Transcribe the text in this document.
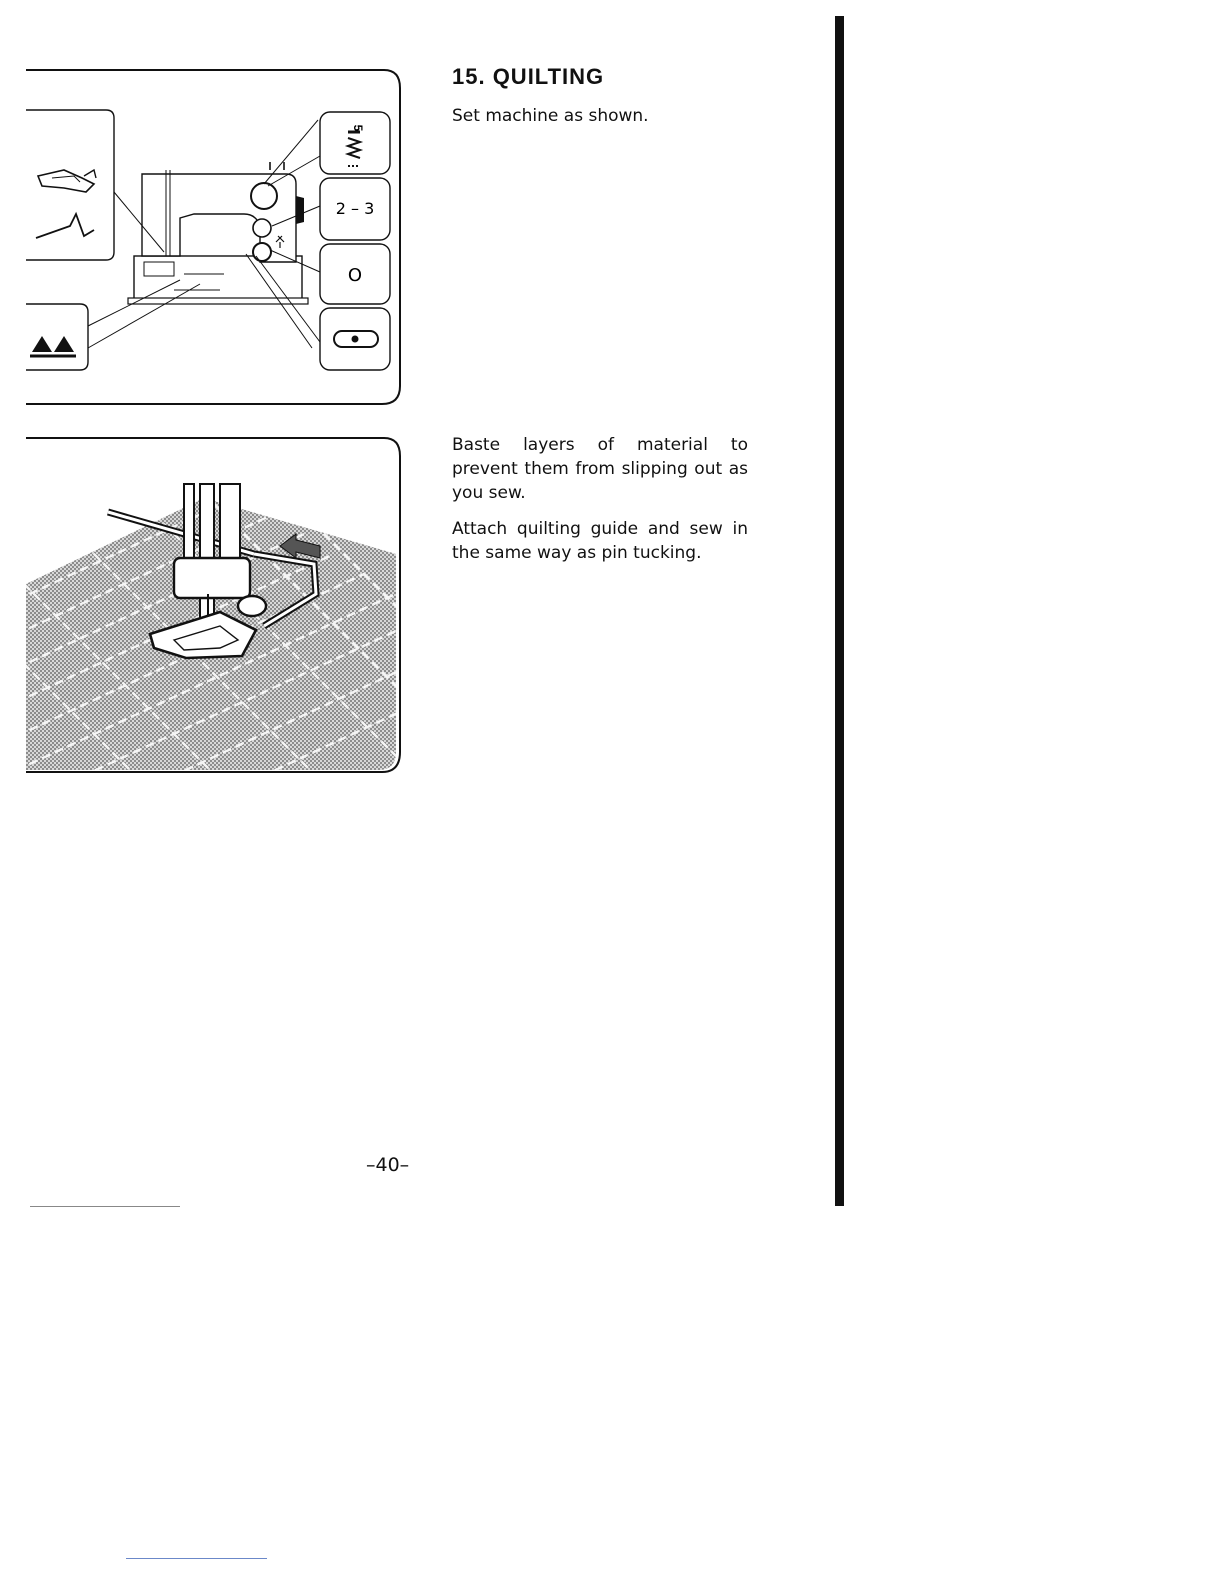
5
2 – 3
O
15. QUILTING

Set machine as shown.

Baste layers of material to prevent them from slipping out as you sew.

Attach quilting guide and sew in the same way as pin tucking.

–40–
